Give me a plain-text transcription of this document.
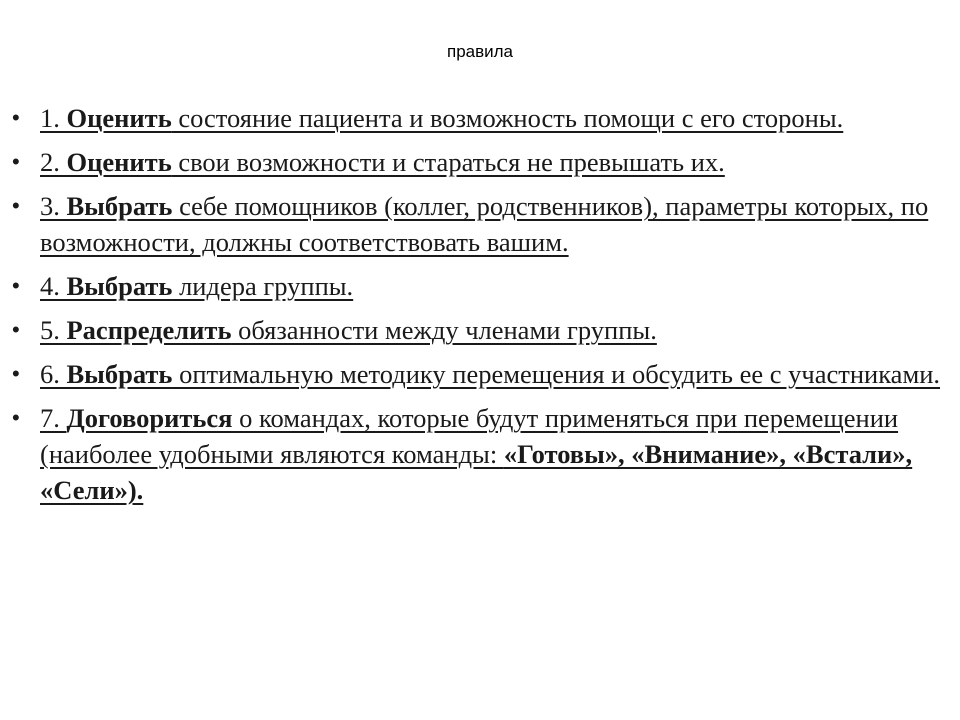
правила
• 1. Оценить состояние пациента и возможность помощи с его стороны.
• 2. Оценить свои возможности и стараться не превышать их.
• 3. Выбрать себе помощников (коллег, родственников), параметры которых, по возможности, должны соответствовать вашим.
• 4. Выбрать лидера группы.
• 5. Распределить обязанности между членами группы.
• 6. Выбрать оптимальную методику перемещения и обсудить ее с участниками.
• 7. Договориться о командах, которые будут применяться при перемещении (наиболее удобными являются команды: «Готовы», «Внимание», «Встали», «Сели»).
